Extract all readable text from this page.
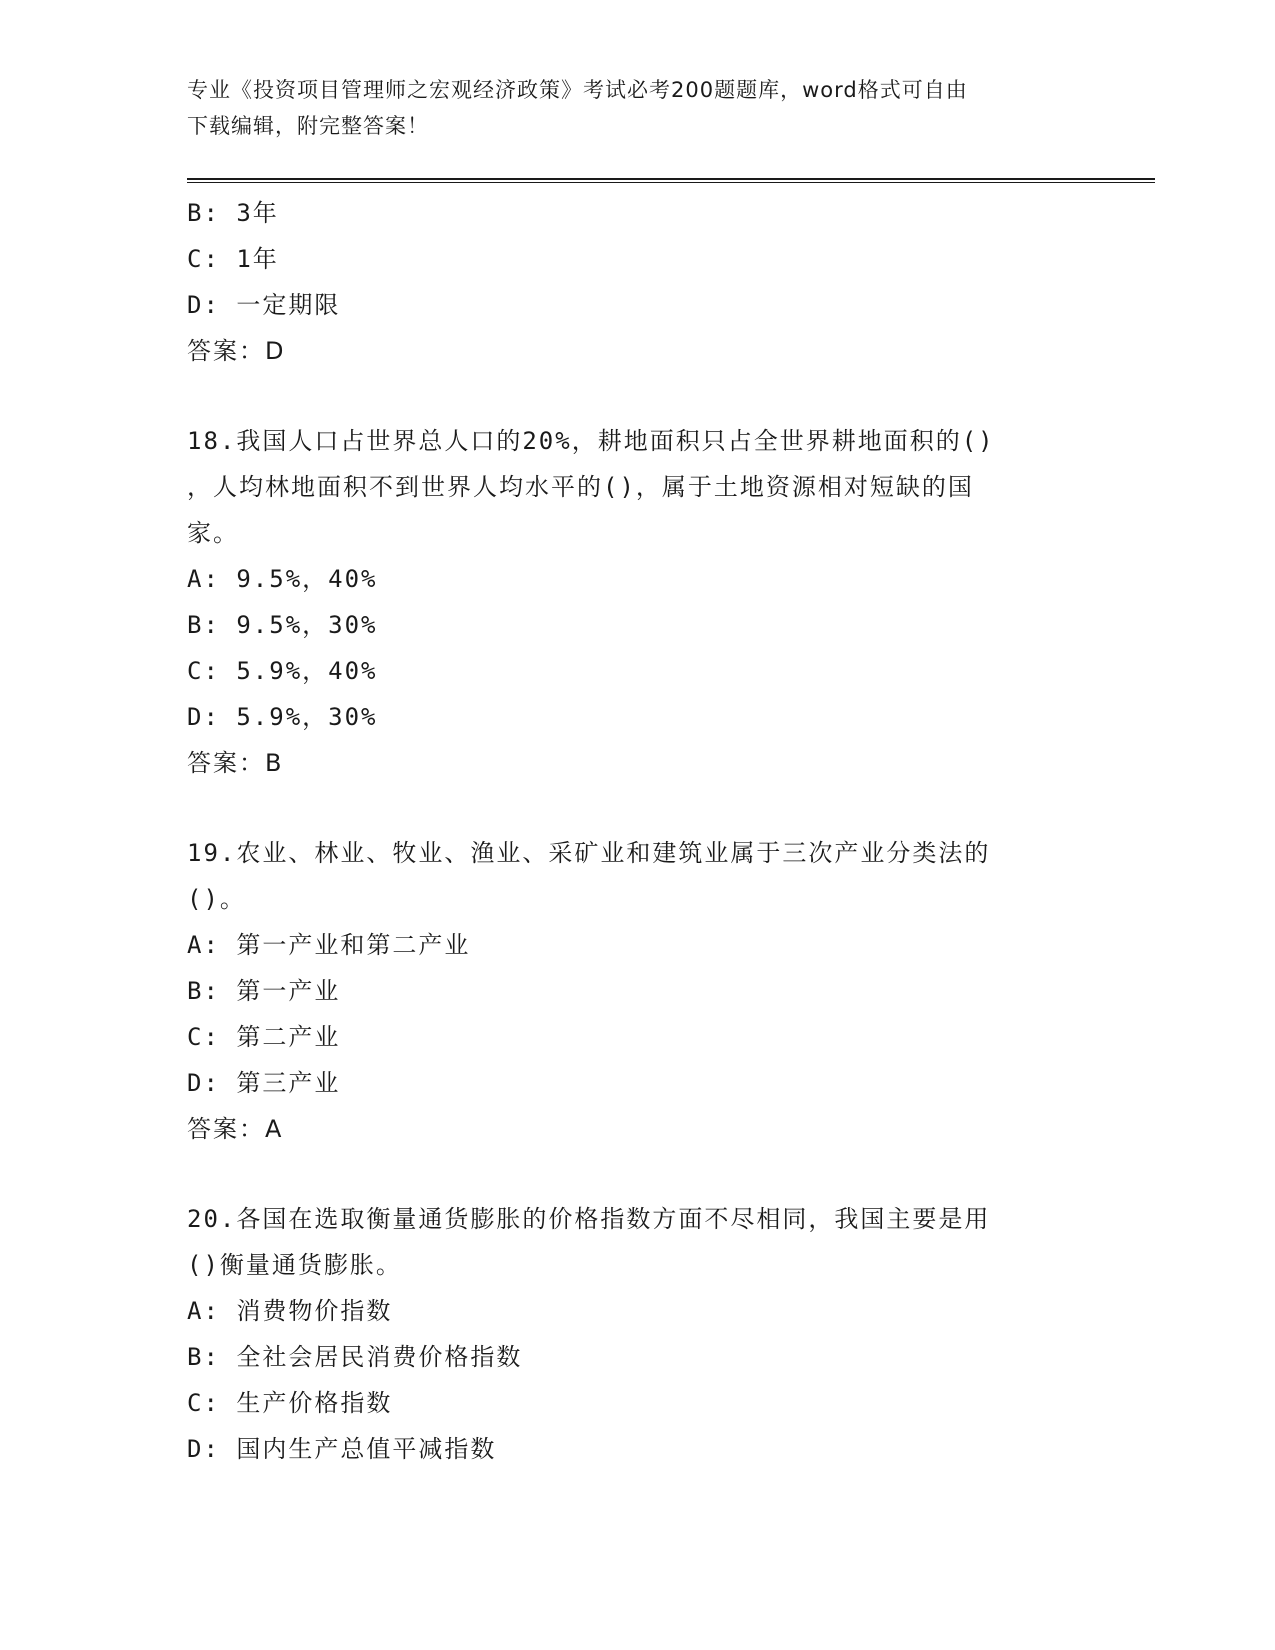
专业《投资项目管理师之宏观经济政策》考试必考200题题库，word格式可自由
下载编辑，附完整答案！
B: 3年
C: 1年
D: 一定期限
答案：D
18.我国人口占世界总人口的20%，耕地面积只占全世界耕地面积的()
，人均林地面积不到世界人均水平的()，属于土地资源相对短缺的国
家。
A: 9.5%，40%
B: 9.5%，30%
C: 5.9%，40%
D: 5.9%，30%
答案：B
19.农业、林业、牧业、渔业、采矿业和建筑业属于三次产业分类法的
()。
A: 第一产业和第二产业
B: 第一产业
C: 第二产业
D: 第三产业
答案：A
20.各国在选取衡量通货膨胀的价格指数方面不尽相同，我国主要是用
()衡量通货膨胀。
A: 消费物价指数
B: 全社会居民消费价格指数
C: 生产价格指数
D: 国内生产总值平减指数
